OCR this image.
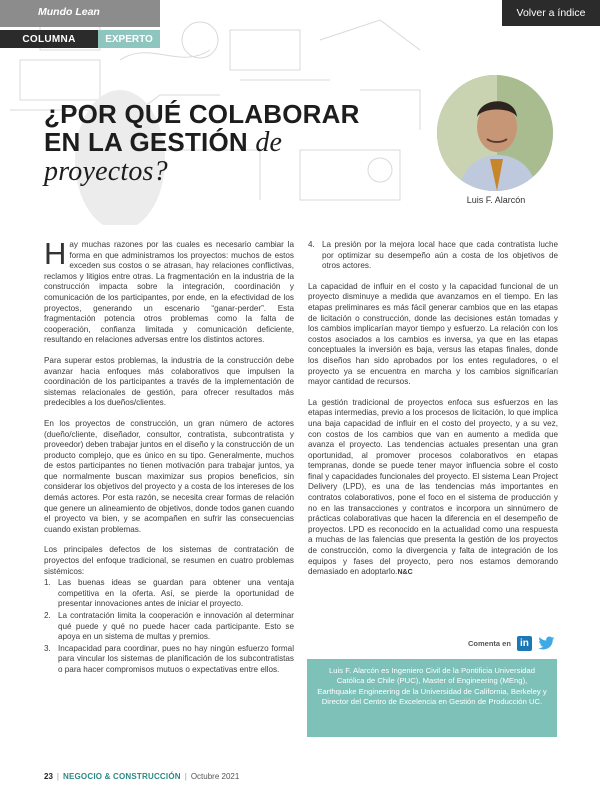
Mundo Lean	Volver a índice
COLUMNA	EXPERTO
¿POR QUÉ COLABORAR
EN LA GESTIÓN de
proyectos?
Luis F. Alarcón

Hay muchas razones por las cuales es necesario cambiar la forma en que administramos los proyectos: muchos de estos exceden sus costos o se atrasan, hay relaciones conflictivas, reclamos y litigios entre otras. La fragmentación en la industria de la construcción impacta sobre la integración, coordinación y comunicación de los participantes, por ende, en la efectividad de los proyectos, generando un escenario “ganar-perder”. Esta fragmentación potencia otros problemas como la falta de cooperación, confianza limitada y comunicación deficiente, resultando en relaciones adversas entre los distintos actores.

Para superar estos problemas, la industria de la construcción debe avanzar hacia enfoques más colaborativos que impulsen la coordinación de los participantes a través de la implementación de sistemas relacionales de gestión, para ofrecer resultados más predecibles a los dueños/clientes.

En los proyectos de construcción, un gran número de actores (dueño/cliente, diseñador, consultor, contratista, subcontratista y proveedor) deben trabajar juntos en el diseño y la construcción de un producto complejo, que es único en su tipo. Generalmente, muchos de estos participantes no tienen motivación para trabajar juntos, ya que normalmente buscan maximizar sus propios beneficios, sin considerar los objetivos del proyecto y a costa de los intereses de los demás actores. Por esta razón, se necesita crear formas de relación que genere un alineamiento de objetivos, donde todos ganen cuando el proyecto va bien, y se acompañen en sufrir las consecuencias cuando existan problemas.

Los principales defectos de los sistemas de contratación de proyectos del enfoque tradicional, se resumen en cuatro problemas sistémicos:

1. Las buenas ideas se guardan para obtener una ventaja competitiva en la oferta. Así, se pierde la oportunidad de presentar innovaciones antes de iniciar el proyecto.
2. La contratación limita la cooperación e innovación al determinar qué puede y qué no puede hacer cada participante. Esto se apoya en un sistema de multas y premios.
3. Incapacidad para coordinar, pues no hay ningún esfuerzo formal para vincular los sistemas de planificación de los subcontratistas o para hacer compromisos mutuos o expectativas entre ellos.
4. La presión por la mejora local hace que cada contratista luche por optimizar su desempeño aún a costa de los objetivos de otros actores.

La capacidad de influir en el costo y la capacidad funcional de un proyecto disminuye a medida que avanzamos en el tiempo. En las etapas preliminares es más fácil generar cambios que en las etapas de licitación o construcción, donde las decisiones están tomadas y los cambios implicarían mayor tiempo y esfuerzo. La relación con los costos asociados a los cambios es inversa, ya que en las etapas conceptuales la inversión es baja, versus las etapas finales, donde los diseños han sido aprobados por los entes reguladores, o el proyecto ya se encuentra en marcha y los cambios significarían mayor cantidad de recursos.

La gestión tradicional de proyectos enfoca sus esfuerzos en las etapas intermedias, previo a los procesos de licitación, lo que implica una baja capacidad de influir en el costo del proyecto, y a su vez, con costos de los cambios que van en aumento a medida que avanza el proyecto. Las tendencias actuales presentan una gran oportunidad, al promover procesos colaborativos en etapas tempranas, donde se puede tener mayor influencia sobre el costo final y capacidades funcionales del proyecto. El sistema Lean Project Delivery (LPD), es una de las tendencias más importantes en contratos colaborativos, pone el foco en el sistema de producción y no en las transacciones y contratos e incorpora un sinnúmero de prácticas colaborativas que hacen la diferencia en el desempeño de proyectos. LPD es reconocido en la actualidad como una respuesta a muchas de las falencias que presenta la gestión de los proyectos de construcción, como la divergencia y falta de integración de los equipos y fases del proyecto, pero nos estamos demorando demasiado en adoptarlo.N&C

Comenta en in

Luis F. Alarcón es Ingeniero Civil de la Pontificia Universidad Católica de Chile (PUC), Master of Engineering (MEng), Earthquake Engineering de la Universidad de California, Berkeley y Director del Centro de Excelencia en Gestión de Producción UC.

23 | NEGOCIO & CONSTRUCCIÓN | Octubre 2021
